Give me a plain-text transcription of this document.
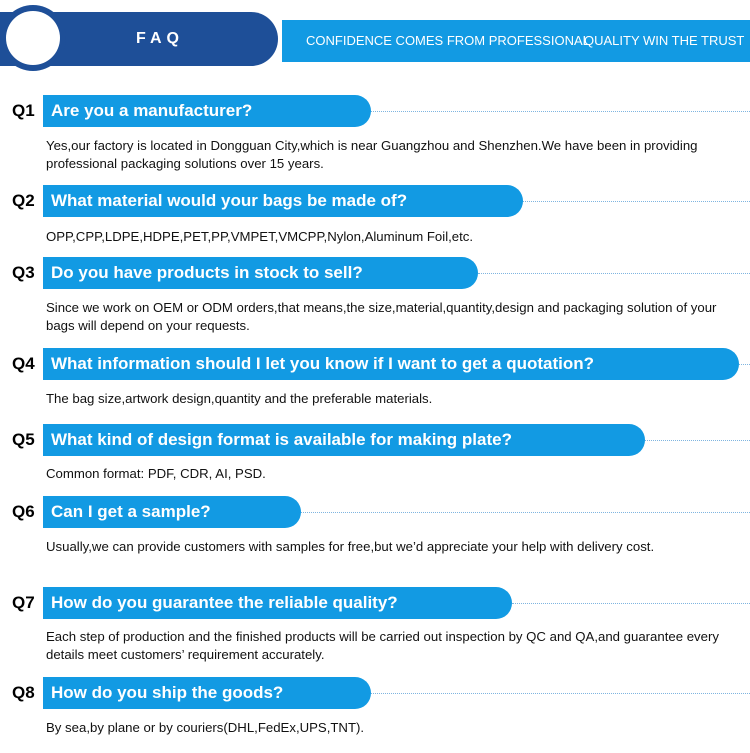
FAQ	CONFIDENCE COMES FROM PROFESSIONAL
QUALITY WIN THE TRUST
Q1 Are you a manufacturer?
Yes,our factory is located in Dongguan City,which is near Guangzhou and Shenzhen.We have been in providing professional packaging solutions over 15 years.
Q2 What material would your bags be made of?
OPP,CPP,LDPE,HDPE,PET,PP,VMPET,VMCPP,Nylon,Aluminum Foil,etc.
Q3 Do you have products in stock to sell?
Since we work on OEM or ODM orders,that means,the size,material,quantity,design and packaging solution of your bags will depend on your requests.
Q4 What information should I let you know if I want to get a quotation?
The bag size,artwork design,quantity and the preferable materials.
Q5 What kind of design format is available for making plate?
Common format: PDF, CDR, AI, PSD.
Q6 Can I get a sample?
Usually,we can provide customers with samples for free,but we’d appreciate your help with delivery cost.
Q7 How do you guarantee the reliable quality?
Each step of production and the finished products will be carried out inspection by QC and QA,and guarantee every details meet customers’ requirement accurately.
Q8 How do you ship the goods?
By sea,by plane or by couriers(DHL,FedEx,UPS,TNT).
